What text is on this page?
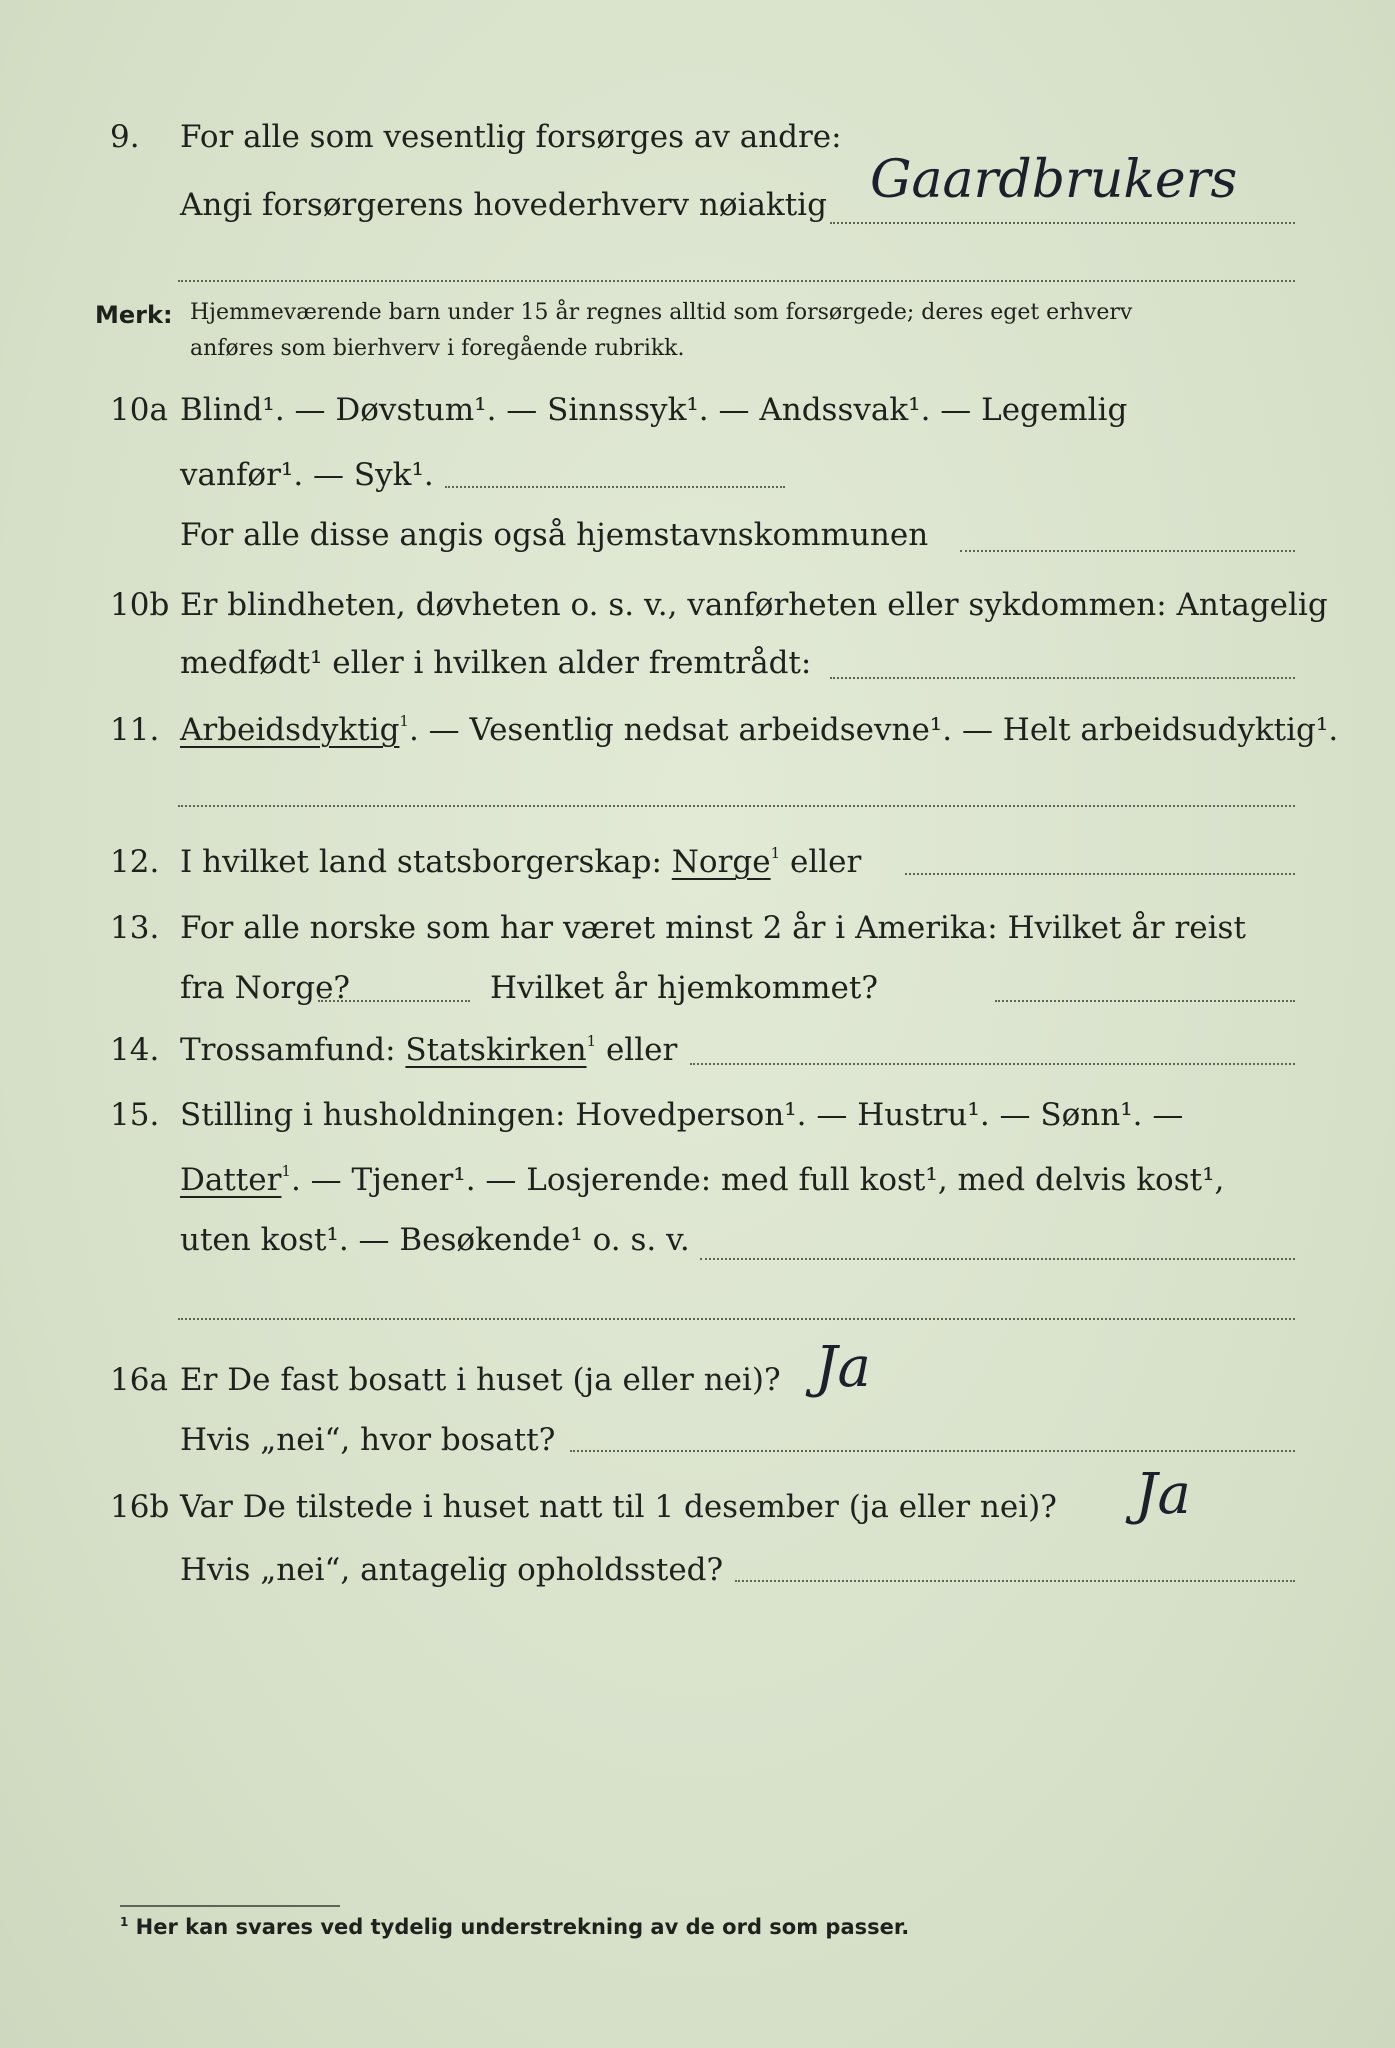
9. For alle som vesentlig forsørges av andre:
Angi forsørgerens hovederhverv nøiaktig Gaardbrukers
Merk: Hjemmeværende barn under 15 år regnes alltid som forsørgede; deres eget erhverv
anføres som bierhverv i foregående rubrikk.
10a Blind¹. — Døvstum¹. — Sinnssyk¹. — Andssvak¹. — Legemlig
vanfør¹. — Syk¹.
For alle disse angis også hjemstavnskommunen
10b Er blindheten, døvheten o. s. v., vanførheten eller sykdommen: Antagelig
medfødt¹ eller i hvilken alder fremtrådt:
11. Arbeidsdyktig$^1$. — Vesentlig nedsat arbeidsevne¹. — Helt arbeidsudyktig¹.
12. I hvilket land statsborgerskap: Norge$^1$ eller
13. For alle norske som har været minst 2 år i Amerika: Hvilket år reist
fra Norge?	Hvilket år hjemkommet?
14. Trossamfund: Statskirken$^1$ eller
15. Stilling i husholdningen: Hovedperson¹. — Hustru¹. — Sønn¹. —
Datter$^1$. — Tjener¹. — Losjerende: med full kost¹, med delvis kost¹,
uten kost¹. — Besøkende¹ o. s. v.
16a Er De fast bosatt i huset (ja eller nei)? Ja
Hvis „nei“, hvor bosatt?
16b Var De tilstede i huset natt til 1 desember (ja eller nei)? Ja
Hvis „nei“, antagelig opholdssted?
$^1$ Her kan svares ved tydelig understrekning av de ord som passer.
